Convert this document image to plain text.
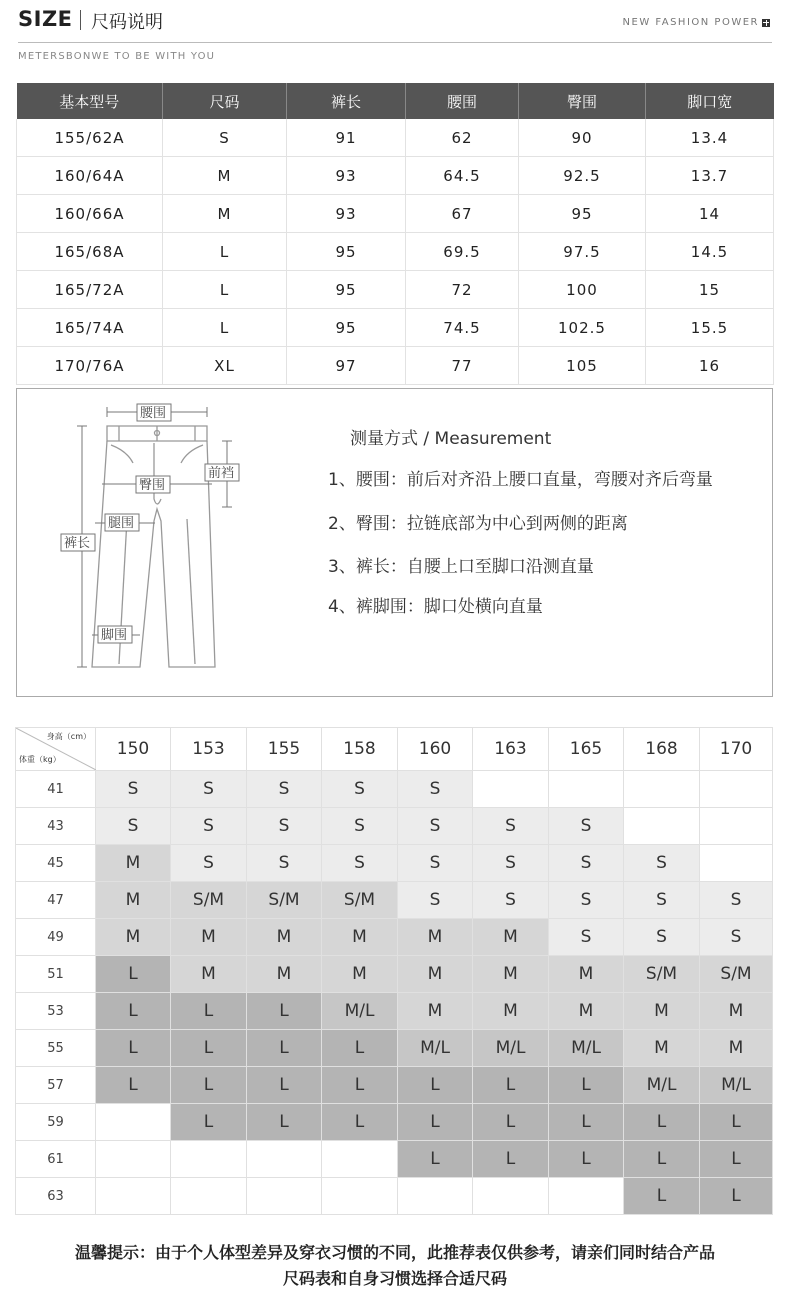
SIZE 尺码说明	NEW FASHION POWER
METERSBONWE TO BE WITH YOU
基本型号	尺码	裤长	腰围	臀围	脚口宽
155/62A	S	91	62	90	13.4
160/64A	M	93	64.5	92.5	13.7
160/66A	M	93	67	95	14
165/68A	L	95	69.5	97.5	14.5
165/72A	L	95	72	100	15
165/74A	L	95	74.5	102.5	15.5
170/76A	XL	97	77	105	16
腰围
前裆
臀围
腿围
裤长
脚围
测量方式 / Measurement
1、腰围：前后对齐沿上腰口直量，弯腰对齐后弯量
2、臀围：拉链底部为中心到两侧的距离
3、裤长：自腰上口至脚口沿测直量
4、裤脚围：脚口处横向直量
身高（cm）
体重（kg）	150	153	155	158	160	163	165	168	170
41	S	S	S	S	S				
43	S	S	S	S	S	S	S		
45	M	S	S	S	S	S	S	S	
47	M	S/M	S/M	S/M	S	S	S	S	S
49	M	M	M	M	M	M	S	S	S
51	L	M	M	M	M	M	M	S/M	S/M
53	L	L	L	M/L	M	M	M	M	M
55	L	L	L	L	M/L	M/L	M/L	M	M
57	L	L	L	L	L	L	L	M/L	M/L
59		L	L	L	L	L	L	L	L
61					L	L	L	L	L
63								L	L
温馨提示：由于个人体型差异及穿衣习惯的不同，此推荐表仅供参考，请亲们同时结合产品
尺码表和自身习惯选择合适尺码
